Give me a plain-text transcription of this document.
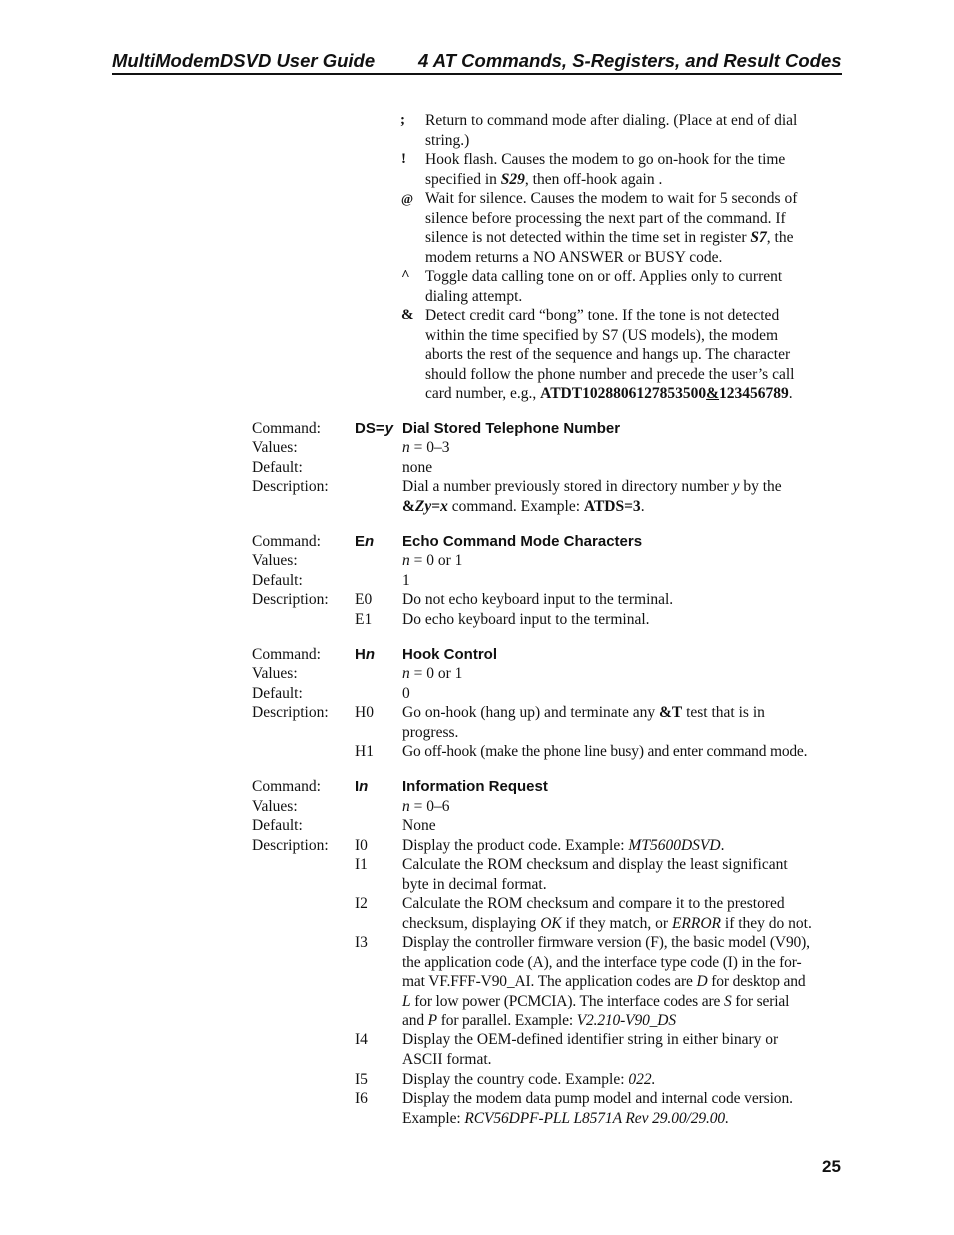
MultiModemDSVD User Guide 4 AT Commands, S-Registers, and Result Codes
; Return to command mode after dialing. (Place at end of dial
string.)
! Hook flash. Causes the modem to go on-hook for the time
specified in S29, then off-hook again .
@ Wait for silence. Causes the modem to wait for 5 seconds of
silence before processing the next part of the command. If
silence is not detected within the time set in register S7, the
modem returns a NO ANSWER or BUSY code.
^ Toggle data calling tone on or off. Applies only to current
dialing attempt.
& Detect credit card “bong” tone. If the tone is not detected
within the time specified by S7 (US models), the modem
aborts the rest of the sequence and hangs up. The character
should follow the phone number and precede the user’s call
card number, e.g., ATDT1028806127853500&123456789.
Command: DS=y Dial Stored Telephone Number
Values:	n = 0–3
Default:	none
Description:	Dial a number previously stored in directory number y by the
&Zy=x command. Example: ATDS=3.
Command: En Echo Command Mode Characters
Values:	n = 0 or 1
Default:	1
Description: E0 Do not echo keyboard input to the terminal.
E1 Do echo keyboard input to the terminal.
Command: Hn Hook Control
Values:	n = 0 or 1
Default:	0
Description: H0 Go on-hook (hang up) and terminate any &T test that is in
progress.
H1 Go off-hook (make the phone line busy) and enter command mode.
Command: In Information Request
Values:	n = 0–6
Default:	None
Description: I0 Display the product code. Example: MT5600DSVD.
I1 Calculate the ROM checksum and display the least significant
byte in decimal format.
I2 Calculate the ROM checksum and compare it to the prestored
checksum, displaying OK if they match, or ERROR if they do not.
I3 Display the controller firmware version (F), the basic model (V90),
the application code (A), and the interface type code (I) in the for-
mat VF.FFF-V90_AI. The application codes are D for desktop and
L for low power (PCMCIA). The interface codes are S for serial
and P for parallel. Example: V2.210-V90_DS
I4 Display the OEM-defined identifier string in either binary or
ASCII format.
I5 Display the country code. Example: 022.
I6 Display the modem data pump model and internal code version.
Example: RCV56DPF-PLL L8571A Rev 29.00/29.00.
25
